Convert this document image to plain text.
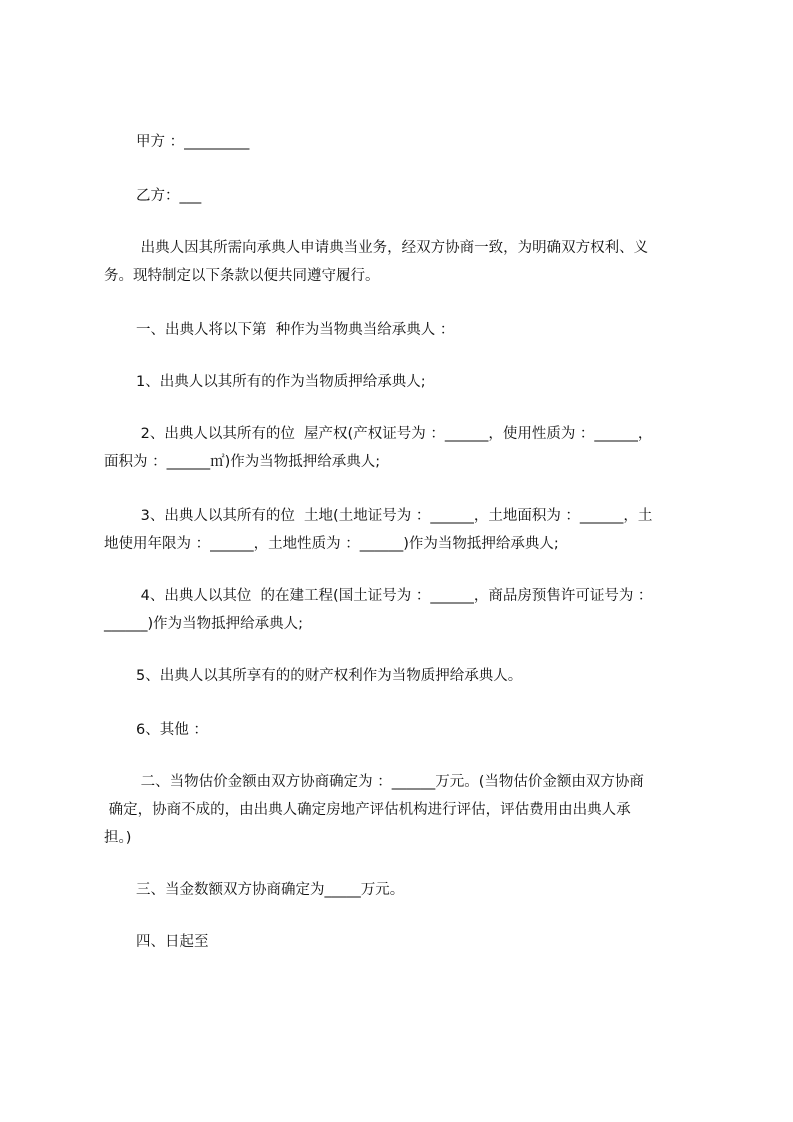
甲方 ：_________

乙方：___

出典人因其所需向承典人申请典当业务，经双方协商一致，为明确双方权利、义

务。现特制定以下条款以便共同遵守履行。

一、出典人将以下第  种作为当物典当给承典人 ：

1、出典人以其所有的作为当物质押给承典人;

2、出典人以其所有的位  屋产权(产权证号为 ：______，使用性质为 ：______，

面积为 ：______㎡)作为当物抵押给承典人;

3、出典人以其所有的位  土地(土地证号为 ：______，土地面积为 ：______，土

地使用年限为 ：______，土地性质为 ：______)作为当物抵押给承典人;

4、出典人以其位  的在建工程(国土证号为 ：______，商品房预售许可证号为 ：

______)作为当物抵押给承典人;

5、出典人以其所享有的的财产权利作为当物质押给承典人。

6、其他 ：

二、当物估价金额由双方协商确定为 ：______万元。(当物估价金额由双方协商

确定，协商不成的，由出典人确定房地产评估机构进行评估，评估费用由出典人承

担。)

三、当金数额双方协商确定为_____万元。

四、日起至
